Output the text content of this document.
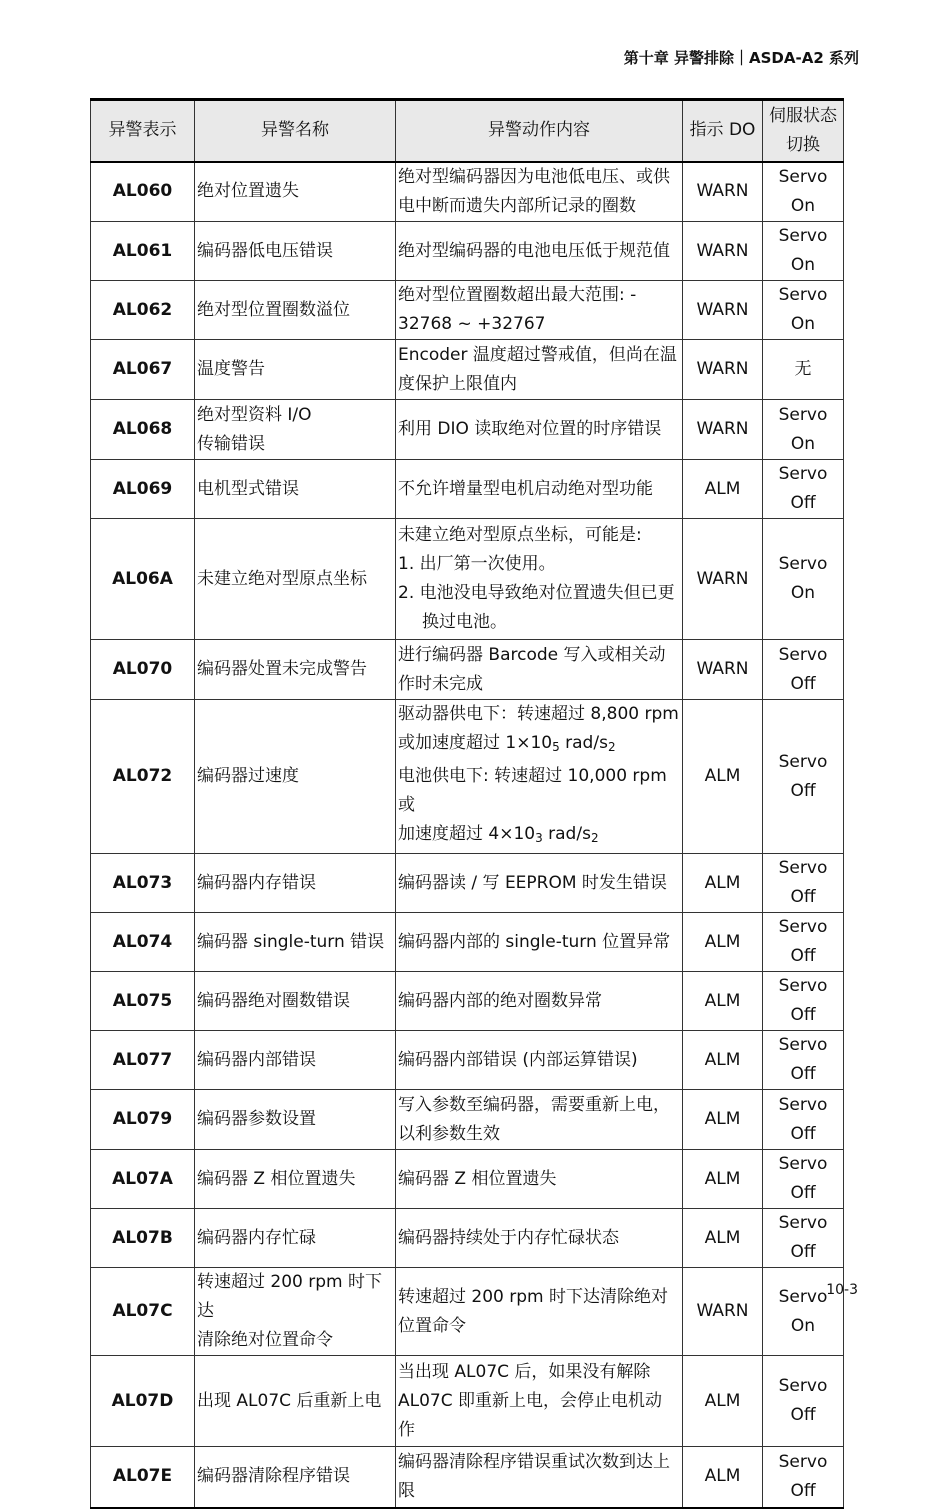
第十章 异警排除｜ASDA-A2 系列
异警表示	异警名称	异警动作内容	指示 DO	伺服状态切换
AL060	绝对位置遗失	绝对型编码器因为电池低电压、或供
电中断而遗失内部所记录的圈数	WARN	Servo On
AL061	编码器低电压错误	绝对型编码器的电池电压低于规范值	WARN	Servo On
AL062	绝对型位置圈数溢位	绝对型位置圈数超出最大范围: -
32768 ~ +32767	WARN	Servo On
AL067	温度警告	Encoder 温度超过警戒值，但尚在温
度保护上限值内	WARN	无
AL068	绝对型资料 I/O
传输错误	利用 DIO 读取绝对位置的时序错误	WARN	Servo On
AL069	电机型式错误	不允许增量型电机启动绝对型功能	ALM	Servo Off
AL06A	未建立绝对型原点坐标	未建立绝对型原点坐标，可能是:
1. 出厂第一次使用。
2. 电池没电导致绝对位置遗失但已更换过电池。	WARN	Servo On
AL070	编码器处置未完成警告	进行编码器 Barcode 写入或相关动
作时未完成	WARN	Servo Off
AL072	编码器过速度	驱动器供电下：转速超过 8,800 rpm
或加速度超过 $1\times 10_5$ rad/$s_2$
电池供电下: 转速超过 10,000 rpm 或
加速度超过 $4\times 10_3$ rad/$s_2$	ALM	Servo Off
AL073	编码器内存错误	编码器读 / 写 EEPROM 时发生错误	ALM	Servo Off
AL074	编码器 single-turn 错误	编码器内部的 single-turn 位置异常	ALM	Servo Off
AL075	编码器绝对圈数错误	编码器内部的绝对圈数异常	ALM	Servo Off
AL077	编码器内部错误	编码器内部错误 (内部运算错误)	ALM	Servo Off
AL079	编码器参数设置	写入参数至编码器，需要重新上电，
以利参数生效	ALM	Servo Off
AL07A	编码器 Z 相位置遗失	编码器 Z 相位置遗失	ALM	Servo Off
AL07B	编码器内存忙碌	编码器持续处于内存忙碌状态	ALM	Servo Off
AL07C	转速超过 200 rpm 时下达
清除绝对位置命令	转速超过 200 rpm 时下达清除绝对
位置命令	WARN	Servo On
AL07D	出现 AL07C 后重新上电	当出现 AL07C 后，如果没有解除
AL07C 即重新上电，会停止电机动
作	ALM	Servo Off
AL07E	编码器清除程序错误	编码器清除程序错误重试次数到达上
限	ALM	Servo Off
10-3
